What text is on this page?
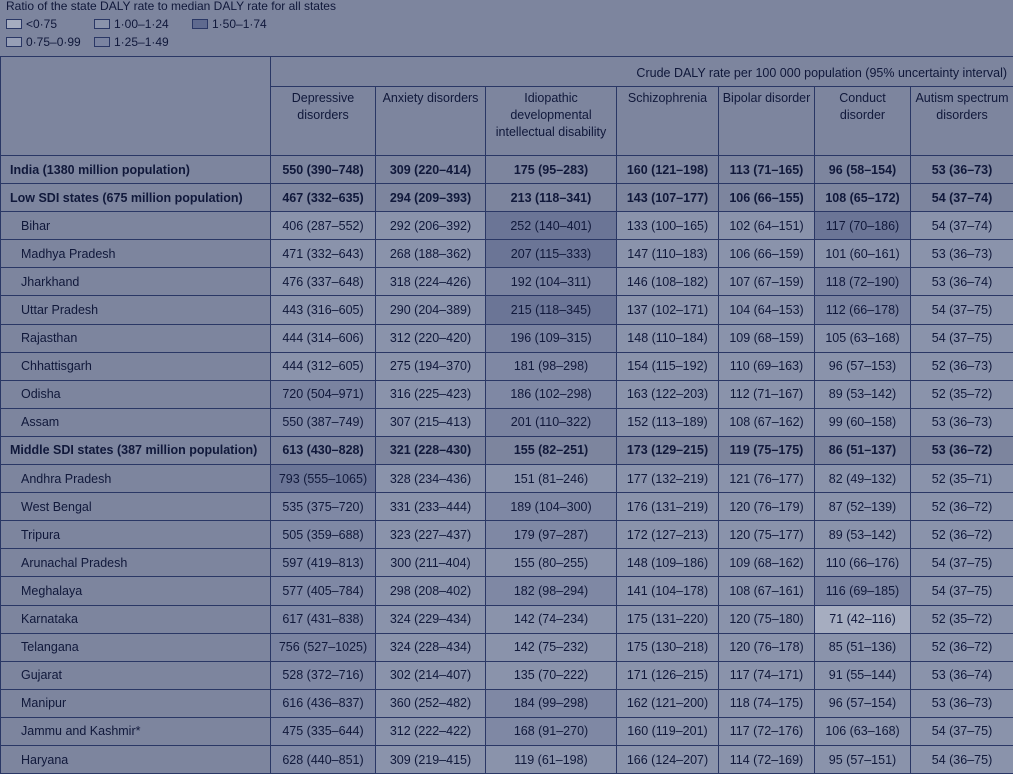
Ratio of the state DALY rate to median DALY rate for all states
<0·75	1·00–1·24	1·50–1·74
0·75–0·99	1·25–1·49
	Crude DALY rate per 100 000 population (95% uncertainty interval)						
	Depressive disorders	Anxiety disorders	Idiopathic developmental intellectual disability	Schizophrenia	Bipolar disorder	Conduct disorder	Autism spectrum disorders
India (1380 million population)	550 (390–748)	309 (220–414)	175 (95–283)	160 (121–198)	113 (71–165)	96 (58–154)	53 (36–73)
Low SDI states (675 million population)	467 (332–635)	294 (209–393)	213 (118–341)	143 (107–177)	106 (66–155)	108 (65–172)	54 (37–74)
Bihar	406 (287–552)	292 (206–392)	252 (140–401)	133 (100–165)	102 (64–151)	117 (70–186)	54 (37–74)
Madhya Pradesh	471 (332–643)	268 (188–362)	207 (115–333)	147 (110–183)	106 (66–159)	101 (60–161)	53 (36–73)
Jharkhand	476 (337–648)	318 (224–426)	192 (104–311)	146 (108–182)	107 (67–159)	118 (72–190)	53 (36–74)
Uttar Pradesh	443 (316–605)	290 (204–389)	215 (118–345)	137 (102–171)	104 (64–153)	112 (66–178)	54 (37–75)
Rajasthan	444 (314–606)	312 (220–420)	196 (109–315)	148 (110–184)	109 (68–159)	105 (63–168)	54 (37–75)
Chhattisgarh	444 (312–605)	275 (194–370)	181 (98–298)	154 (115–192)	110 (69–163)	96 (57–153)	52 (36–73)
Odisha	720 (504–971)	316 (225–423)	186 (102–298)	163 (122–203)	112 (71–167)	89 (53–142)	52 (35–72)
Assam	550 (387–749)	307 (215–413)	201 (110–322)	152 (113–189)	108 (67–162)	99 (60–158)	53 (36–73)
Middle SDI states (387 million population)	613 (430–828)	321 (228–430)	155 (82–251)	173 (129–215)	119 (75–175)	86 (51–137)	53 (36–72)
Andhra Pradesh	793 (555–1065)	328 (234–436)	151 (81–246)	177 (132–219)	121 (76–177)	82 (49–132)	52 (35–71)
West Bengal	535 (375–720)	331 (233–444)	189 (104–300)	176 (131–219)	120 (76–179)	87 (52–139)	52 (36–72)
Tripura	505 (359–688)	323 (227–437)	179 (97–287)	172 (127–213)	120 (75–177)	89 (53–142)	52 (36–72)
Arunachal Pradesh	597 (419–813)	300 (211–404)	155 (80–255)	148 (109–186)	109 (68–162)	110 (66–176)	54 (37–75)
Meghalaya	577 (405–784)	298 (208–402)	182 (98–294)	141 (104–178)	108 (67–161)	116 (69–185)	54 (37–75)
Karnataka	617 (431–838)	324 (229–434)	142 (74–234)	175 (131–220)	120 (75–180)	71 (42–116)	52 (35–72)
Telangana	756 (527–1025)	324 (228–434)	142 (75–232)	175 (130–218)	120 (76–178)	85 (51–136)	52 (36–72)
Gujarat	528 (372–716)	302 (214–407)	135 (70–222)	171 (126–215)	117 (74–171)	91 (55–144)	53 (36–74)
Manipur	616 (436–837)	360 (252–482)	184 (99–298)	162 (121–200)	118 (74–175)	96 (57–154)	53 (36–73)
Jammu and Kashmir*	475 (335–644)	312 (222–422)	168 (91–270)	160 (119–201)	117 (72–176)	106 (63–168)	54 (37–75)
Haryana	628 (440–851)	309 (219–415)	119 (61–198)	166 (124–207)	114 (72–169)	95 (57–151)	54 (36–75)
